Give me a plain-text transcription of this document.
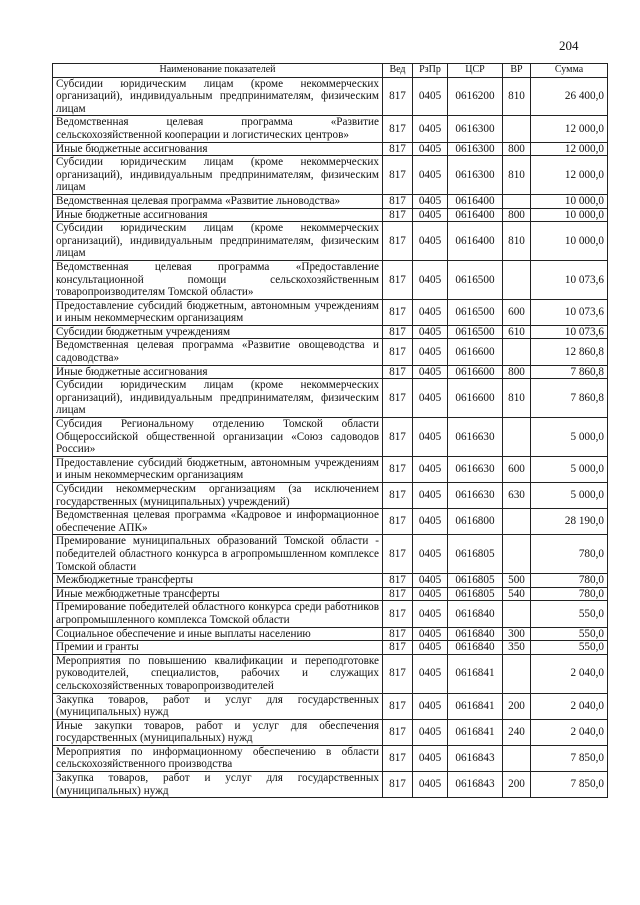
204
Наименование показателей	Вед	РзПр	ЦСР	ВР	Сумма
Субсидии юридическим лицам (кроме некоммерческих организаций), индивидуальным предпринимателям, физическим лицам	817	0405	0616200	810	26 400,0
Ведомственная целевая программа «Развитие сельскохозяйственной кооперации и логистических центров»	817	0405	0616300		12 000,0
Иные бюджетные ассигнования	817	0405	0616300	800	12 000,0
Субсидии юридическим лицам (кроме некоммерческих организаций), индивидуальным предпринимателям, физическим лицам	817	0405	0616300	810	12 000,0
Ведомственная целевая программа «Развитие льноводства»	817	0405	0616400		10 000,0
Иные бюджетные ассигнования	817	0405	0616400	800	10 000,0
Субсидии юридическим лицам (кроме некоммерческих организаций), индивидуальным предпринимателям, физическим лицам	817	0405	0616400	810	10 000,0
Ведомственная целевая программа «Предоставление консультационной помощи сельскохозяйственным товаропроизводителям Томской области»	817	0405	0616500		10 073,6
Предоставление субсидий бюджетным, автономным учреждениям и иным некоммерческим организациям	817	0405	0616500	600	10 073,6
Субсидии бюджетным учреждениям	817	0405	0616500	610	10 073,6
Ведомственная целевая программа «Развитие овощеводства и садоводства»	817	0405	0616600		12 860,8
Иные бюджетные ассигнования	817	0405	0616600	800	7 860,8
Субсидии юридическим лицам (кроме некоммерческих организаций), индивидуальным предпринимателям, физическим лицам	817	0405	0616600	810	7 860,8
Субсидия Региональному отделению Томской области Общероссийской общественной организации «Союз садоводов России»	817	0405	0616630		5 000,0
Предоставление субсидий бюджетным, автономным учреждениям и иным некоммерческим организациям	817	0405	0616630	600	5 000,0
Субсидии некоммерческим организациям (за исключением государственных (муниципальных) учреждений)	817	0405	0616630	630	5 000,0
Ведомственная целевая программа «Кадровое и информационное обеспечение АПК»	817	0405	0616800		28 190,0
Премирование муниципальных образований Томской области - победителей областного конкурса в агропромышленном комплексе Томской области	817	0405	0616805		780,0
Межбюджетные трансферты	817	0405	0616805	500	780,0
Иные межбюджетные трансферты	817	0405	0616805	540	780,0
Премирование победителей областного конкурса среди работников агропромышленного комплекса Томской области	817	0405	0616840		550,0
Социальное обеспечение и иные выплаты населению	817	0405	0616840	300	550,0
Премии и гранты	817	0405	0616840	350	550,0
Мероприятия по повышению квалификации и переподготовке руководителей, специалистов, рабочих и служащих сельскохозяйственных товаропроизводителей	817	0405	0616841		2 040,0
Закупка товаров, работ и услуг для государственных (муниципальных) нужд	817	0405	0616841	200	2 040,0
Иные закупки товаров, работ и услуг для обеспечения государственных (муниципальных) нужд	817	0405	0616841	240	2 040,0
Мероприятия по информационному обеспечению в области сельскохозяйственного производства	817	0405	0616843		7 850,0
Закупка товаров, работ и услуг для государственных (муниципальных) нужд	817	0405	0616843	200	7 850,0
